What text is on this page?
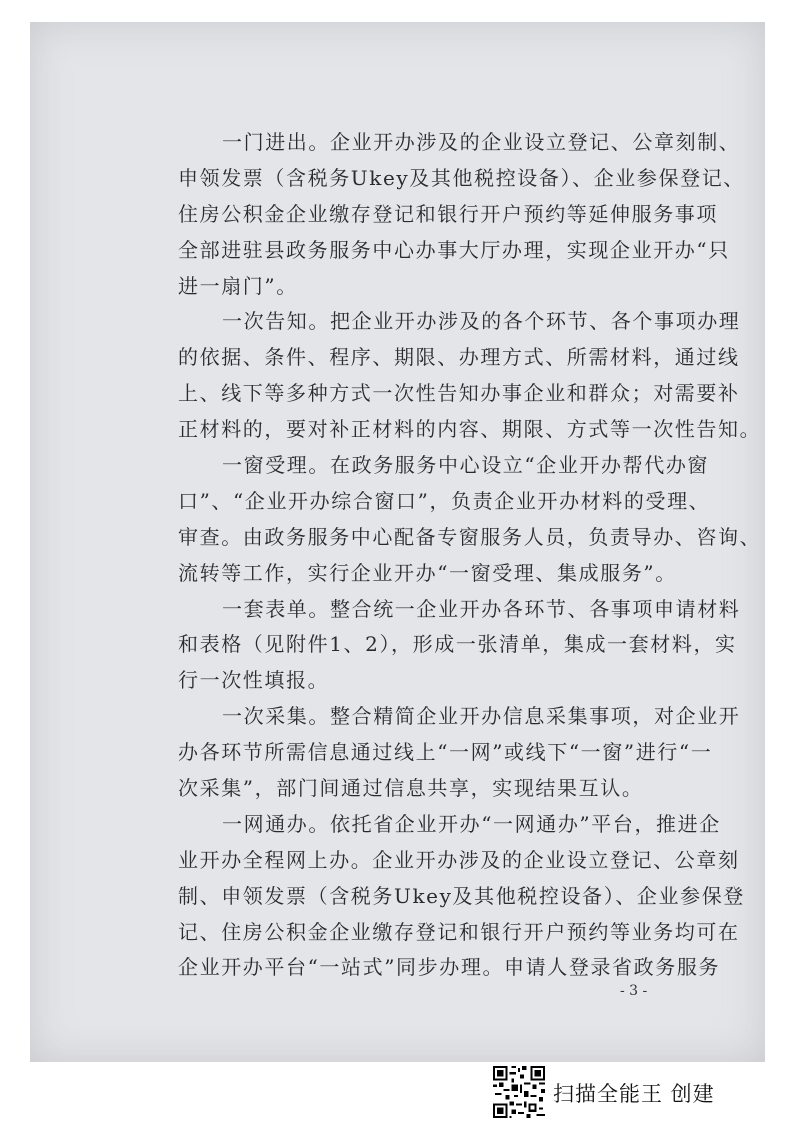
一门进出。企业开办涉及的企业设立登记、公章刻制、
申领发票（含税务Ukey及其他税控设备）、企业参保登记、
住房公积金企业缴存登记和银行开户预约等延伸服务事项
全部进驻县政务服务中心办事大厅办理，实现企业开办“只
进一扇门”。
一次告知。把企业开办涉及的各个环节、各个事项办理
的依据、条件、程序、期限、办理方式、所需材料，通过线
上、线下等多种方式一次性告知办事企业和群众；对需要补
正材料的，要对补正材料的内容、期限、方式等一次性告知。
一窗受理。在政务服务中心设立“企业开办帮代办窗
口”、“企业开办综合窗口”，负责企业开办材料的受理、
审查。由政务服务中心配备专窗服务人员，负责导办、咨询、
流转等工作，实行企业开办“一窗受理、集成服务”。
一套表单。整合统一企业开办各环节、各事项申请材料
和表格（见附件1、2），形成一张清单，集成一套材料，实
行一次性填报。
一次采集。整合精简企业开办信息采集事项，对企业开
办各环节所需信息通过线上“一网”或线下“一窗”进行“一
次采集”，部门间通过信息共享，实现结果互认。
一网通办。依托省企业开办“一网通办”平台，推进企
业开办全程网上办。企业开办涉及的企业设立登记、公章刻
制、申领发票（含税务Ukey及其他税控设备）、企业参保登
记、住房公积金企业缴存登记和银行开户预约等业务均可在
企业开办平台“一站式”同步办理。申请人登录省政务服务
- 3 -
扫描全能王 创建
